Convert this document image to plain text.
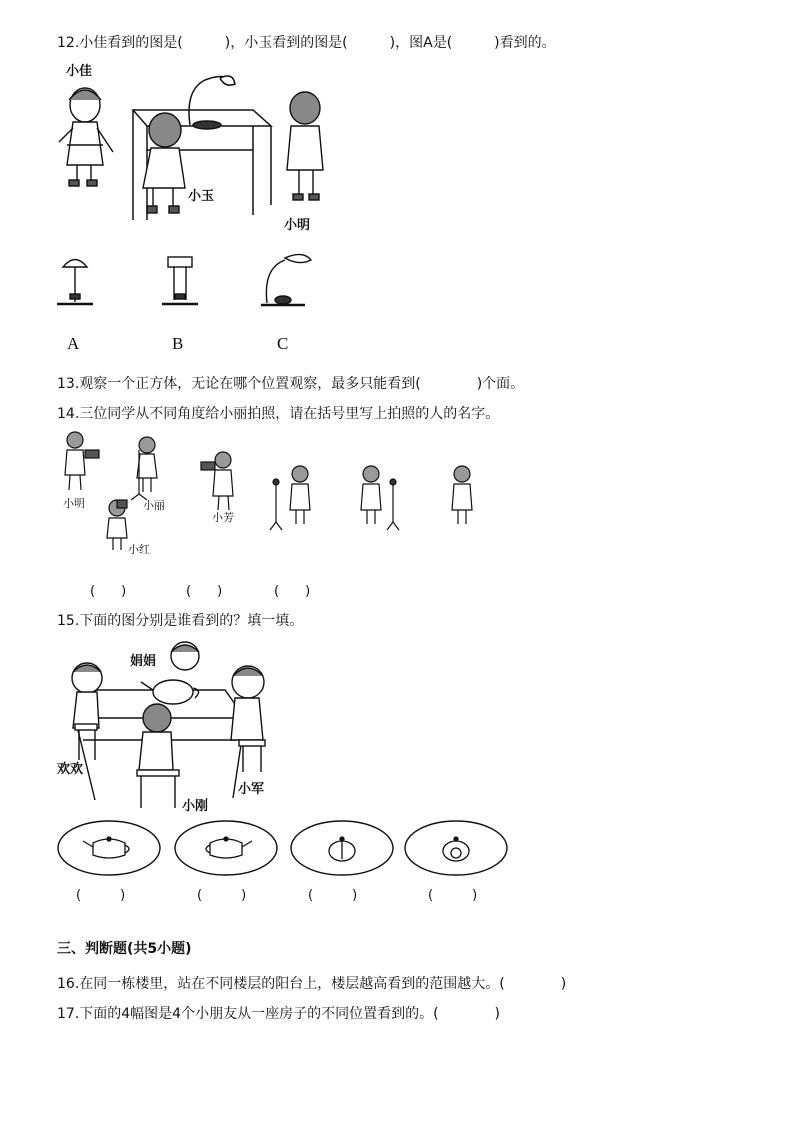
12.小佳看到的图是(　　　)，小玉看到的图是(　　　)，图A是(　　　)看到的。
小佳
小玉
小明
A	B	C
13.观察一个正方体，无论在哪个位置观察，最多只能看到(　　　　)个面。
14.三位同学从不同角度给小丽拍照，请在括号里写上拍照的人的名字。
小明	小丽
小芳
小红
(　　)	(　　)	(　　)
15.下面的图分别是谁看到的？填一填。
娟娟
欢欢
小刚
小军
(　　　)	(　　　)	(　　　)	(　　　)
三、判断题(共5小题)
16.在同一栋楼里，站在不同楼层的阳台上，楼层越高看到的范围越大。(　　　　)
17.下面的4幅图是4个小朋友从一座房子的不同位置看到的。(　　　　)
